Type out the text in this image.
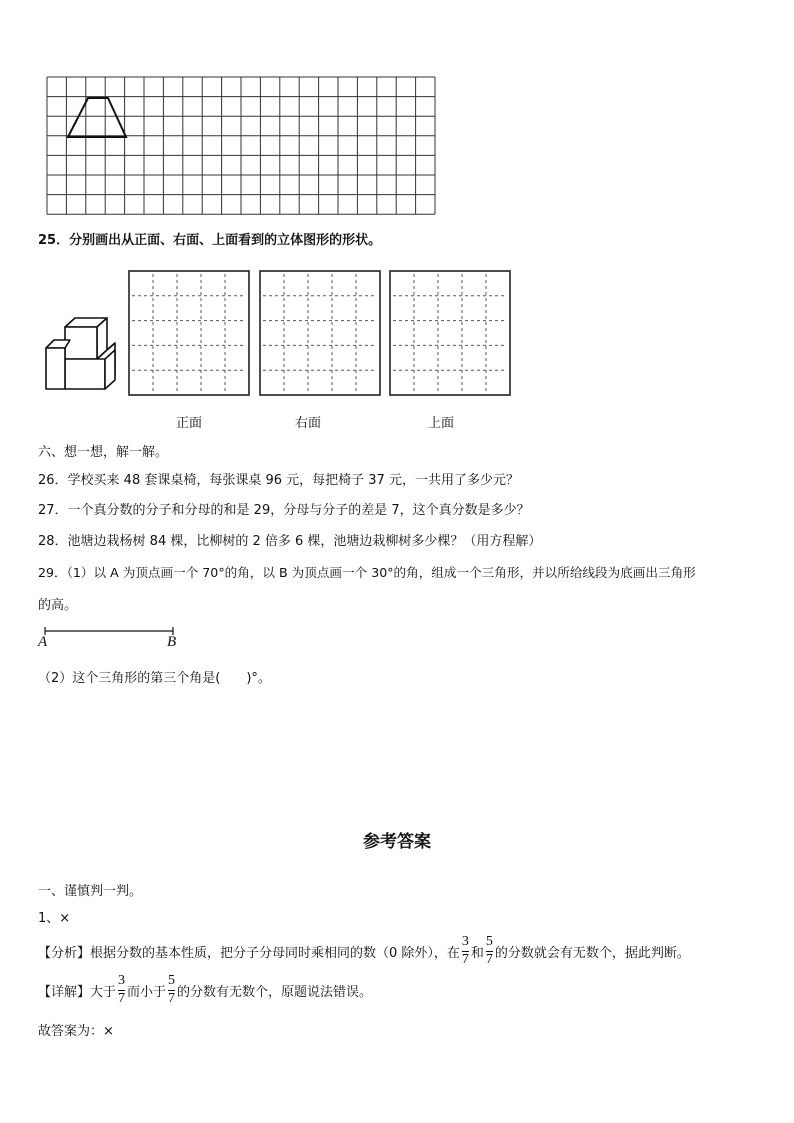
25．分别画出从正面、右面、上面看到的立体图形的形状。
正面	右面	上面
六、想一想，解一解。
26．学校买来 48 套课桌椅，每张课桌 96 元，每把椅子 37 元，一共用了多少元？
27．一个真分数的分子和分母的和是 29，分母与分子的差是 7，这个真分数是多少？
28．池塘边栽杨树 84 棵，比柳树的 2 倍多 6 棵，池塘边栽柳树多少棵？（用方程解）
29．（1）以 A 为顶点画一个 70°的角，以 B 为顶点画一个 30°的角，组成一个三角形，并以所给线段为底画出三角形
的高。
A	B
（2）这个三角形的第三个角是(　　)°。
参考答案
一、谨慎判一判。
1、×
【分析】根据分数的基本性质，把分子分母同时乘相同的数（0 除外），在 $\frac{3}{7}$ 和 $\frac{5}{7}$ 的分数就会有无数个，据此判断。
【详解】大于 $\frac{3}{7}$ 而小于 $\frac{5}{7}$ 的分数有无数个，原题说法错误。
故答案为：×
